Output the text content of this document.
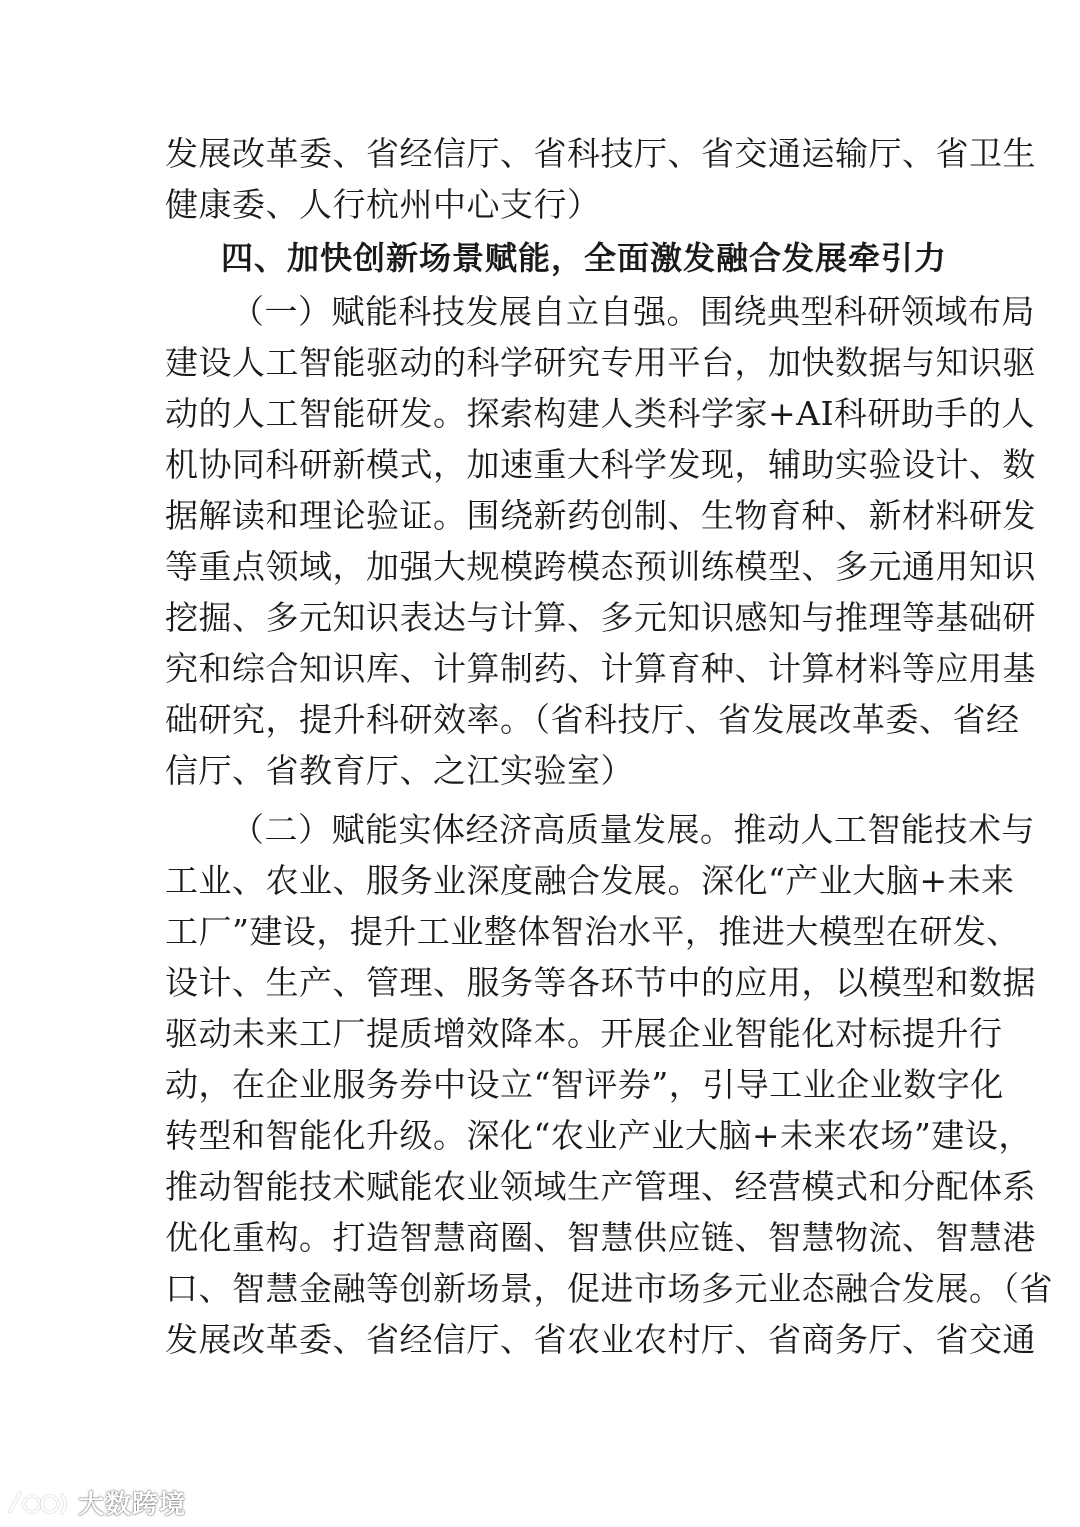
发展改革委、省经信厅、省科技厅、省交通运输厅、省卫生
健康委、人行杭州中心支行）
四、加快创新场景赋能，全面激发融合发展牵引力
（一）赋能科技发展自立自强。围绕典型科研领域布局
建设人工智能驱动的科学研究专用平台，加快数据与知识驱
动的人工智能研发。探索构建人类科学家+AI科研助手的人
机协同科研新模式，加速重大科学发现，辅助实验设计、数
据解读和理论验证。围绕新药创制、生物育种、新材料研发
等重点领域，加强大规模跨模态预训练模型、多元通用知识
挖掘、多元知识表达与计算、多元知识感知与推理等基础研
究和综合知识库、计算制药、计算育种、计算材料等应用基
础研究，提升科研效率。（省科技厅、省发展改革委、省经
信厅、省教育厅、之江实验室）
（二）赋能实体经济高质量发展。推动人工智能技术与
工业、农业、服务业深度融合发展。深化“产业大脑+未来
工厂”建设，提升工业整体智治水平，推进大模型在研发、
设计、生产、管理、服务等各环节中的应用，以模型和数据
驱动未来工厂提质增效降本。开展企业智能化对标提升行
动，在企业服务券中设立“智评券”，引导工业企业数字化
转型和智能化升级。深化“农业产业大脑+未来农场”建设，
推动智能技术赋能农业领域生产管理、经营模式和分配体系
优化重构。打造智慧商圈、智慧供应链、智慧物流、智慧港
口、智慧金融等创新场景，促进市场多元业态融合发展。（省
发展改革委、省经信厅、省农业农村厅、省商务厅、省交通
大数跨境
